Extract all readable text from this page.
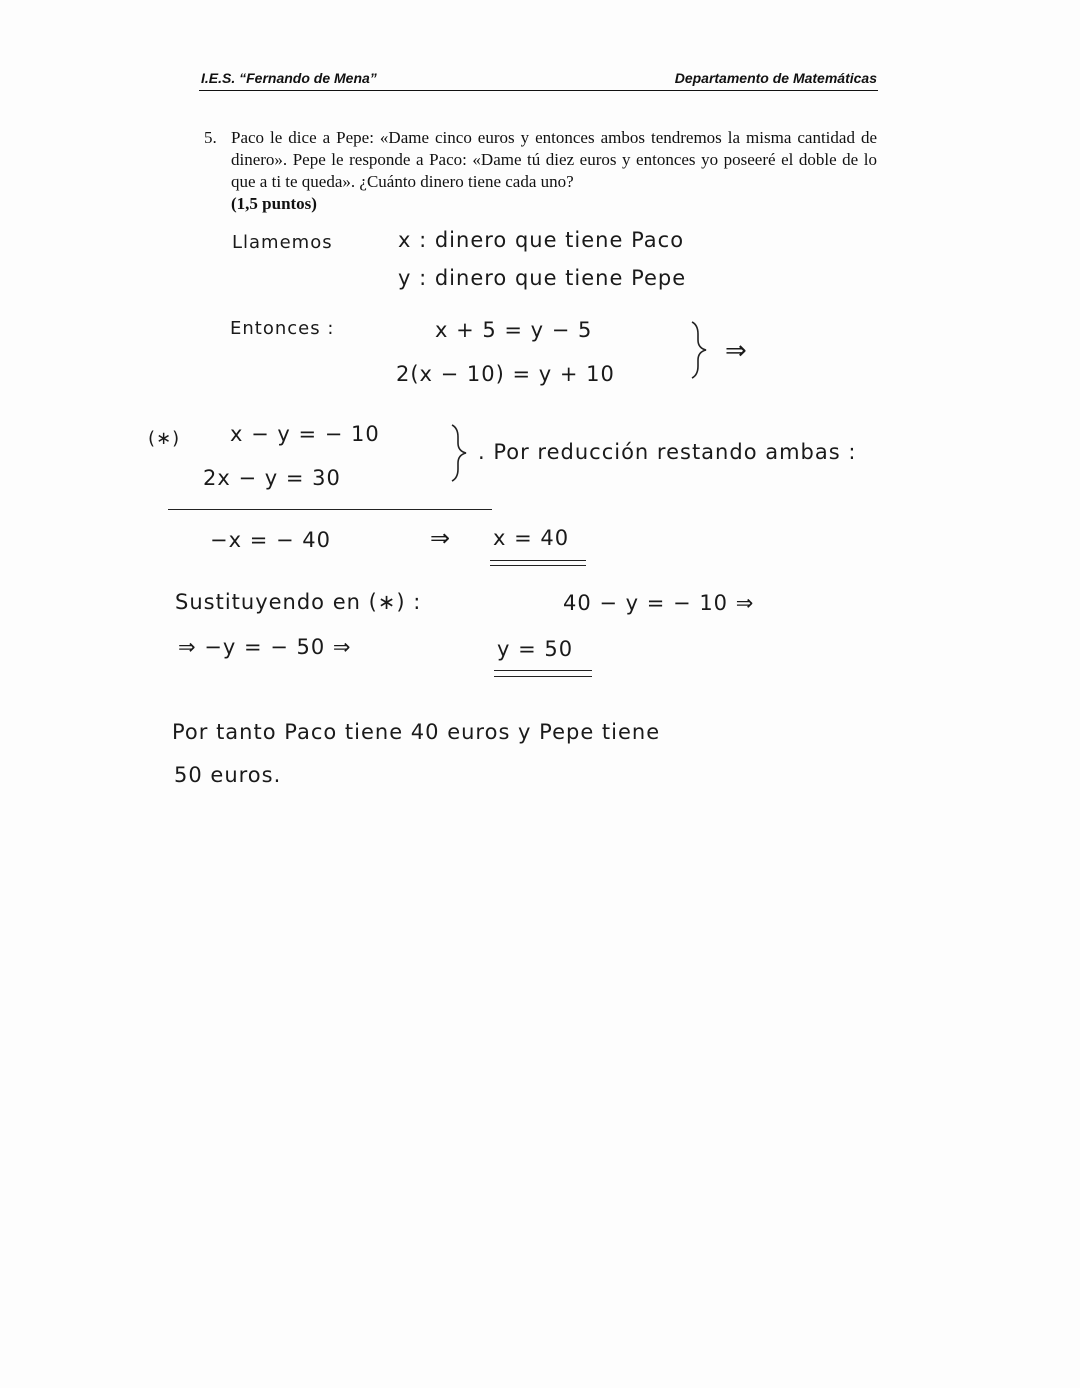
I.E.S. “Fernando de Mena”	Departamento de Matemáticas
5. Paco le dice a Pepe: «Dame cinco euros y entonces ambos tendremos la misma cantidad de dinero». Pepe le responde a Paco: «Dame tú diez euros y entonces yo poseeré el doble de lo que a ti te queda». ¿Cuánto dinero tiene cada uno?
(1,5 puntos)
Llamemos	x : dinero que tiene Paco
y : dinero que tiene Pepe
Entonces :	x + 5 = y − 5
2(x − 10) = y + 10
⇒
(∗) x − y = − 10
2x − y = 30
. Por reducción restando ambas :
−x = − 40	⇒ x = 40
Sustituyendo en (∗) :	40 − y = − 10 ⇒
⇒ −y = − 50 ⇒	y = 50
Por tanto Paco tiene 40 euros y Pepe tiene
50 euros.
